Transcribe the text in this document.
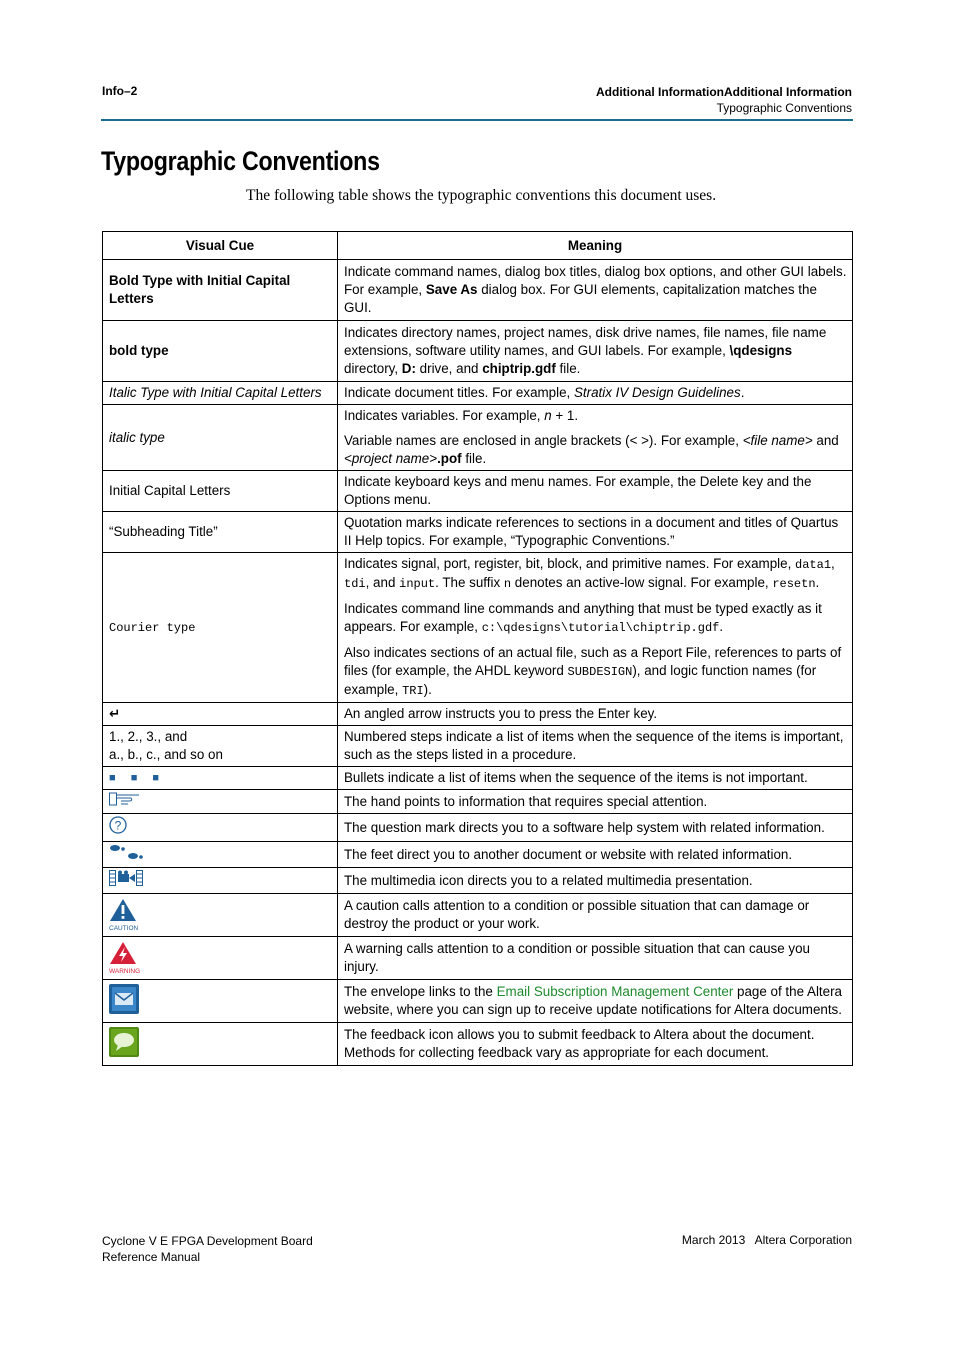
Info–2	Additional InformationAdditional Information
Typographic Conventions
Typographic Conventions
The following table shows the typographic conventions this document uses.
Visual Cue	Meaning
Bold Type with Initial Capital Letters	Indicate command names, dialog box titles, dialog box options, and other GUI labels. For example, Save As dialog box. For GUI elements, capitalization matches the GUI.
bold type	Indicates directory names, project names, disk drive names, file names, file name extensions, software utility names, and GUI labels. For example, \qdesigns directory, D: drive, and chiptrip.gdf file.
Italic Type with Initial Capital Letters	Indicate document titles. For example, Stratix IV Design Guidelines.
italic type	Indicates variables. For example, n + 1.

Variable names are enclosed in angle brackets (< >). For example, <file name> and <project name>.pof file.

Initial Capital Letters	Indicate keyboard keys and menu names. For example, the Delete key and the Options menu.
“Subheading Title”	Quotation marks indicate references to sections in a document and titles of Quartus II Help topics. For example, “Typographic Conventions.”
Courier type	Indicates signal, port, register, bit, block, and primitive names. For example, data1, tdi, and input. The suffix n denotes an active-low signal. For example, resetn.

Indicates command line commands and anything that must be typed exactly as it appears. For example, c:\qdesigns\tutorial\chiptrip.gdf.

Also indicates sections of an actual file, such as a Report File, references to parts of files (for example, the AHDL keyword SUBDESIGN), and logic function names (for example, TRI).

↵	An angled arrow instructs you to press the Enter key.

1., 2., 3., and
a., b., c., and so on	Numbered steps indicate a list of items when the sequence of the items is important, such as the steps listed in a procedure.
■ ■ ■	Bullets indicate a list of items when the sequence of the items is not important.
	The hand points to information that requires special attention.

?	The question mark directs you to a software help system with related information.
	The feet direct you to another document or website with related information.
	The multimedia icon directs you to a related multimedia presentation.

CAUTION	A caution calls attention to a condition or possible situation that can damage or destroy the product or your work.

WARNING	A warning calls attention to a condition or possible situation that can cause you injury.
	The envelope links to the Email Subscription Management Center page of the Altera website, where you can sign up to receive update notifications for Altera documents.
	The feedback icon allows you to submit feedback to Altera about the document. Methods for collecting feedback vary as appropriate for each document.
Cyclone V E FPGA Development Board
Reference Manual
March 2013   Altera Corporation
